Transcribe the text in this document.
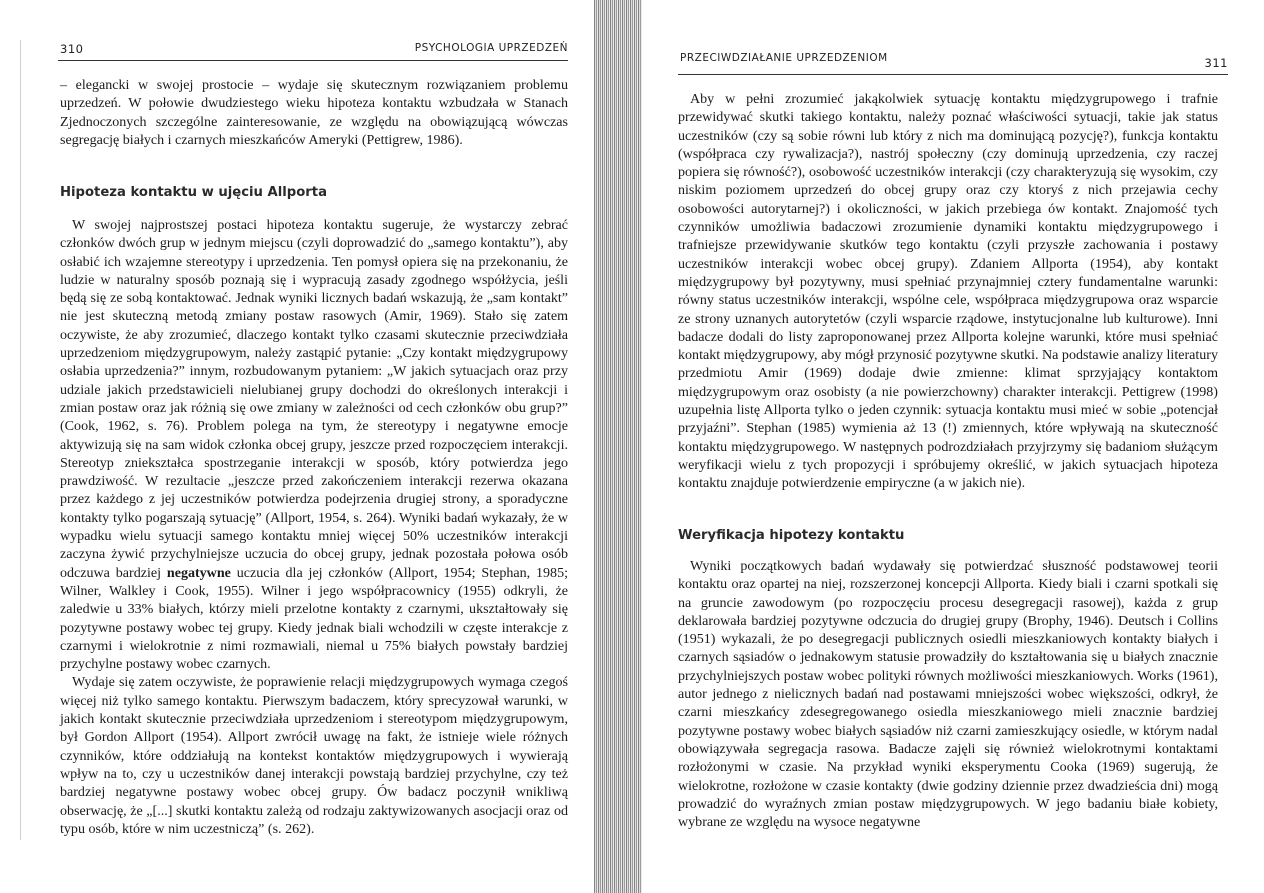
310	PSYCHOLOGIA UPRZEDZEŃ

– elegancki w swojej prostocie – wydaje się skutecznym rozwiązaniem problemu uprzedzeń. W połowie dwudziestego wieku hipoteza kontaktu wzbudzała w Stanach Zjednoczonych szczególne zainteresowanie, ze względu na obowiązującą wówczas segregację białych i czarnych mieszkańców Ameryki (Pettigrew, 1986).

Hipoteza kontaktu w ujęciu Allporta

W swojej najprostszej postaci hipoteza kontaktu sugeruje, że wystarczy zebrać członków dwóch grup w jednym miejscu (czyli doprowadzić do „samego kontaktu”), aby osłabić ich wzajemne stereotypy i uprzedzenia. Ten pomysł opiera się na przekonaniu, że ludzie w naturalny sposób poznają się i wypracują zasady zgodnego współżycia, jeśli będą się ze sobą kontaktować. Jednak wyniki licznych badań wskazują, że „sam kontakt” nie jest skuteczną metodą zmiany postaw rasowych (Amir, 1969). Stało się zatem oczywiste, że aby zrozumieć, dlaczego kontakt tylko czasami skutecznie przeciwdziała uprzedzeniom międzygrupowym, należy zastąpić pytanie: „Czy kontakt międzygrupowy osłabia uprzedzenia?” innym, rozbudowanym pytaniem: „W jakich sytuacjach oraz przy udziale jakich przedstawicieli nielubianej grupy dochodzi do określonych interakcji i zmian postaw oraz jak różnią się owe zmiany w zależności od cech członków obu grup?” (Cook, 1962, s. 76). Problem polega na tym, że stereotypy i negatywne emocje aktywizują się na sam widok członka obcej grupy, jeszcze przed rozpoczęciem interakcji. Stereotyp zniekształca spostrzeganie interakcji w sposób, który potwierdza jego prawdziwość. W rezultacie „jeszcze przed zakończeniem interakcji rezerwa okazana przez każdego z jej uczestników potwierdza podejrzenia drugiej strony, a sporadyczne kontakty tylko pogarszają sytuację” (Allport, 1954, s. 264). Wyniki badań wykazały, że w wypadku wielu sytuacji samego kontaktu mniej więcej 50% uczestników interakcji zaczyna żywić przychylniejsze uczucia do obcej grupy, jednak pozostała połowa osób odczuwa bardziej negatywne uczucia dla jej członków (Allport, 1954; Stephan, 1985; Wilner, Walkley i Cook, 1955). Wilner i jego współpracownicy (1955) odkryli, że zaledwie u 33% białych, którzy mieli przelotne kontakty z czarnymi, ukształtowały się pozytywne postawy wobec tej grupy. Kiedy jednak biali wchodzili w częste interakcje z czarnymi i wielokrotnie z nimi rozmawiali, niemal u 75% białych powstały bardziej przychylne postawy wobec czarnych.

Wydaje się zatem oczywiste, że poprawienie relacji międzygrupowych wymaga czegoś więcej niż tylko samego kontaktu. Pierwszym badaczem, który sprecyzował warunki, w jakich kontakt skutecznie przeciwdziała uprzedzeniom i stereotypom międzygrupowym, był Gordon Allport (1954). Allport zwrócił uwagę na fakt, że istnieje wiele różnych czynników, które oddziałują na kontekst kontaktów międzygrupowych i wywierają wpływ na to, czy u uczestników danej interakcji powstają bardziej przychylne, czy też bardziej negatywne postawy wobec obcej grupy. Ów badacz poczynił wnikliwą obserwację, że „[...] skutki kontaktu zależą od rodzaju zaktywizowanych asocjacji oraz od typu osób, które w nim uczestniczą” (s. 262).

PRZECIWDZIAŁANIE UPRZEDZENIOM	311

Aby w pełni zrozumieć jakąkolwiek sytuację kontaktu międzygrupowego i trafnie przewidywać skutki takiego kontaktu, należy poznać właściwości sytuacji, takie jak status uczestników (czy są sobie równi lub który z nich ma dominującą pozycję?), funkcja kontaktu (współpraca czy rywalizacja?), nastrój społeczny (czy dominują uprzedzenia, czy raczej popiera się równość?), osobowość uczestników interakcji (czy charakteryzują się wysokim, czy niskim poziomem uprzedzeń do obcej grupy oraz czy ktoryś z nich przejawia cechy osobowości autorytarnej?) i okoliczności, w jakich przebiega ów kontakt. Znajomość tych czynników umożliwia badaczowi zrozumienie dynamiki kontaktu międzygrupowego i trafniejsze przewidywanie skutków tego kontaktu (czyli przyszłe zachowania i postawy uczestników interakcji wobec obcej grupy). Zdaniem Allporta (1954), aby kontakt międzygrupowy był pozytywny, musi spełniać przynajmniej cztery fundamentalne warunki: równy status uczestników interakcji, wspólne cele, współpraca międzygrupowa oraz wsparcie ze strony uznanych autorytetów (czyli wsparcie rządowe, instytucjonalne lub kulturowe). Inni badacze dodali do listy zaproponowanej przez Allporta kolejne warunki, które musi spełniać kontakt międzygrupowy, aby mógł przynosić pozytywne skutki. Na podstawie analizy literatury przedmiotu Amir (1969) dodaje dwie zmienne: klimat sprzyjający kontaktom międzygrupowym oraz osobisty (a nie powierzchowny) charakter interakcji. Pettigrew (1998) uzupełnia listę Allporta tylko o jeden czynnik: sytuacja kontaktu musi mieć w sobie „potencjał przyjaźni”. Stephan (1985) wymienia aż 13 (!) zmiennych, które wpływają na skuteczność kontaktu międzygrupowego. W następnych podrozdziałach przyjrzymy się badaniom służącym weryfikacji wielu z tych propozycji i spróbujemy określić, w jakich sytuacjach hipoteza kontaktu znajduje potwierdzenie empiryczne (a w jakich nie).

Weryfikacja hipotezy kontaktu

Wyniki początkowych badań wydawały się potwierdzać słuszność podstawowej teorii kontaktu oraz opartej na niej, rozszerzonej koncepcji Allporta. Kiedy biali i czarni spotkali się na gruncie zawodowym (po rozpoczęciu procesu desegregacji rasowej), każda z grup deklarowała bardziej pozytywne odczucia do drugiej grupy (Brophy, 1946). Deutsch i Collins (1951) wykazali, że po desegregacji publicznych osiedli mieszkaniowych kontakty białych i czarnych sąsiadów o jednakowym statusie prowadziły do kształtowania się u białych znacznie przychylniejszych postaw wobec polityki równych możliwości mieszkaniowych. Works (1961), autor jednego z nielicznych badań nad postawami mniejszości wobec większości, odkrył, że czarni mieszkańcy zdesegregowanego osiedla mieszkaniowego mieli znacznie bardziej pozytywne postawy wobec białych sąsiadów niż czarni zamieszkujący osiedle, w którym nadal obowiązywała segregacja rasowa. Badacze zajęli się również wielokrotnymi kontaktami rozłożonymi w czasie. Na przykład wyniki eksperymentu Cooka (1969) sugerują, że wielokrotne, rozłożone w czasie kontakty (dwie godziny dziennie przez dwadzieścia dni) mogą prowadzić do wyraźnych zmian postaw międzygrupowych. W jego badaniu białe kobiety, wybrane ze względu na wysoce negatywne
